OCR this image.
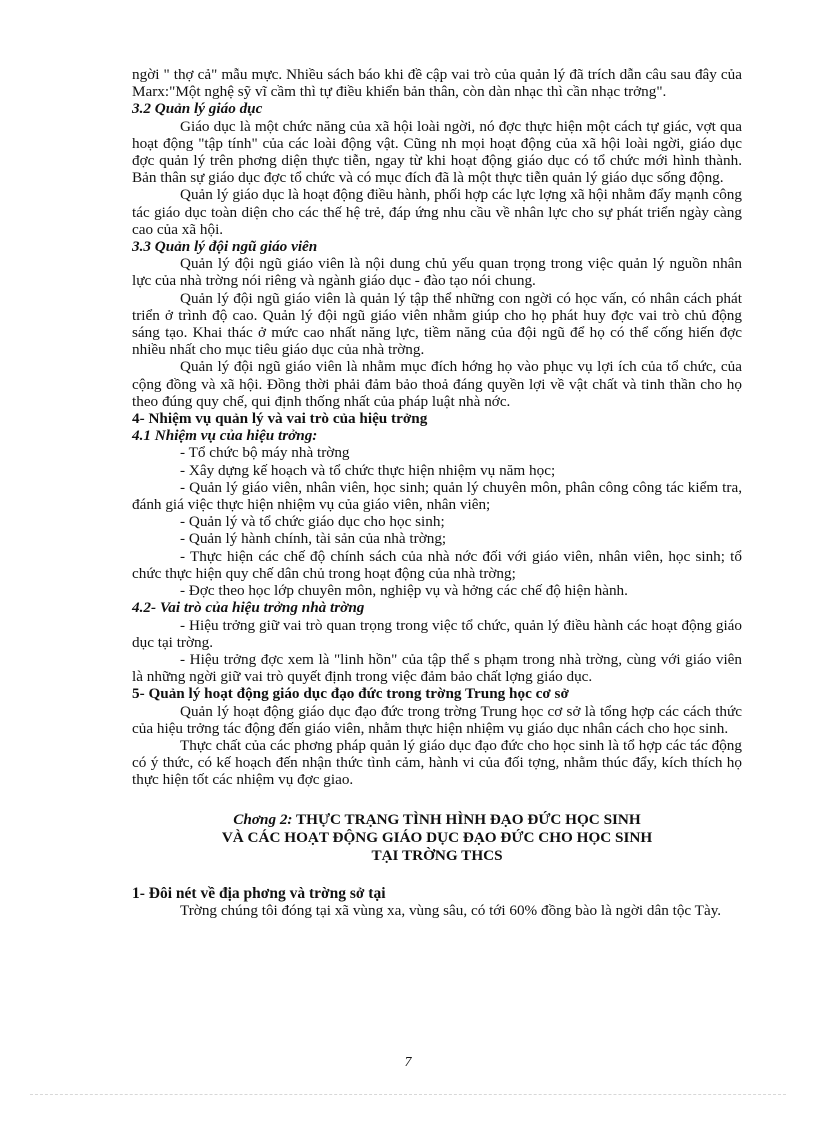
ngời " thợ cả" mẫu mực. Nhiều sách báo khi đề cập vai trò của quản lý đã trích dẫn câu sau đây của Marx:"Một nghệ sỹ vĩ cầm thì tự điều khiển bản thân, còn dàn nhạc thì cần nhạc trởng".

3.2 Quản lý giáo dục

Giáo dục là một chức năng của xã hội loài ngời, nó đợc thực hiện một cách tự giác, vợt qua hoạt động "tập tính" của các loài động vật. Cũng nh mọi hoạt động của xã hội loài ngời, giáo dục đợc quản lý trên phơng diện thực tiễn, ngay từ khi hoạt động giáo dục có tổ chức mới hình thành. Bản thân sự giáo dục đợc tổ chức và có mục đích đã là một thực tiễn quản lý giáo dục sống động.

Quản lý giáo dục là hoạt động điều hành, phối hợp các lực lợng xã hội nhằm đẩy mạnh công tác giáo dục toàn diện cho các thế hệ trẻ, đáp ứng nhu cầu về nhân lực cho sự phát triển ngày càng cao của xã hội.

3.3 Quản lý đội ngũ giáo viên

Quản lý đội ngũ giáo viên là nội dung chủ yếu quan trọng trong việc quản lý nguồn nhân lực của nhà trờng nói riêng và ngành giáo dục - đào tạo nói chung.

Quản lý đội ngũ giáo viên là quản lý tập thể những con ngời có học vấn, có nhân cách phát triển ở trình độ cao. Quản lý đội ngũ giáo viên nhằm giúp cho họ phát huy đợc vai trò chủ động sáng tạo. Khai thác ở mức cao nhất năng lực, tiềm năng của đội ngũ để họ có thể cống hiến đợc nhiều nhất cho mục tiêu giáo dục của nhà trờng.

Quản lý đội ngũ giáo viên là nhằm mục đích hớng họ vào phục vụ lợi ích của tổ chức, của cộng đồng và xã hội. Đồng thời phải đảm bảo thoả đáng quyền lợi về vật chất và tinh thần cho họ theo đúng quy chế, qui định thống nhất của pháp luật nhà nớc.

4- Nhiệm vụ quản lý và vai trò của hiệu trởng

4.1 Nhiệm vụ của hiệu trởng:

- Tổ chức bộ máy nhà trờng

- Xây dựng kế hoạch và tổ chức thực hiện nhiệm vụ năm học;

- Quản lý giáo viên, nhân viên, học sinh; quản lý chuyên môn, phân công công tác kiểm tra, đánh giá việc thực hiện nhiệm vụ của giáo viên, nhân viên;

- Quản lý và tổ chức giáo dục cho học sinh;

- Quản lý hành chính, tài sản của nhà trờng;

- Thực hiện các chế độ chính sách của nhà nớc đối với giáo viên, nhân viên, học sinh; tổ chức thực hiện quy chế dân chủ trong hoạt động của nhà trờng;

- Đợc theo học lớp chuyên môn, nghiệp vụ và hởng các chế độ hiện hành.

4.2- Vai trò của hiệu trởng nhà trờng

- Hiệu trởng giữ vai trò quan trọng trong việc tổ chức, quản lý điều hành các hoạt động giáo dục tại trờng.

- Hiệu trởng đợc xem là "linh hồn" của tập thể s phạm trong nhà trờng, cùng với giáo viên là những ngời giữ vai trò quyết định trong việc đảm bảo chất lợng giáo dục.

5- Quản lý hoạt động giáo dục đạo đức trong trờng Trung học cơ sở

Quản lý hoạt động giáo dục đạo đức trong trờng Trung học cơ sở là tổng hợp các cách thức của hiệu trởng tác động đến giáo viên, nhằm thực hiện nhiệm vụ giáo dục nhân cách cho học sinh.

Thực chất của các phơng pháp quản lý giáo dục đạo đức cho học sinh là tổ hợp các tác động có ý thức, có kế hoạch đến nhận thức tình cảm, hành vi của đối tợng, nhằm thúc đẩy, kích thích họ thực hiện tốt các nhiệm vụ đợc giao.

Chơng 2: THỰC TRẠNG TÌNH HÌNH ĐẠO ĐỨC HỌC SINH
VÀ CÁC HOẠT ĐỘNG GIÁO DỤC ĐẠO ĐỨC CHO HỌC SINH
TẠI TRỜNG THCS

1- Đôi nét về địa phơng và trờng sở tại

Trờng chúng tôi đóng tại xã vùng xa, vùng sâu, có tới 60% đồng bào là ngời dân tộc Tày.

7
